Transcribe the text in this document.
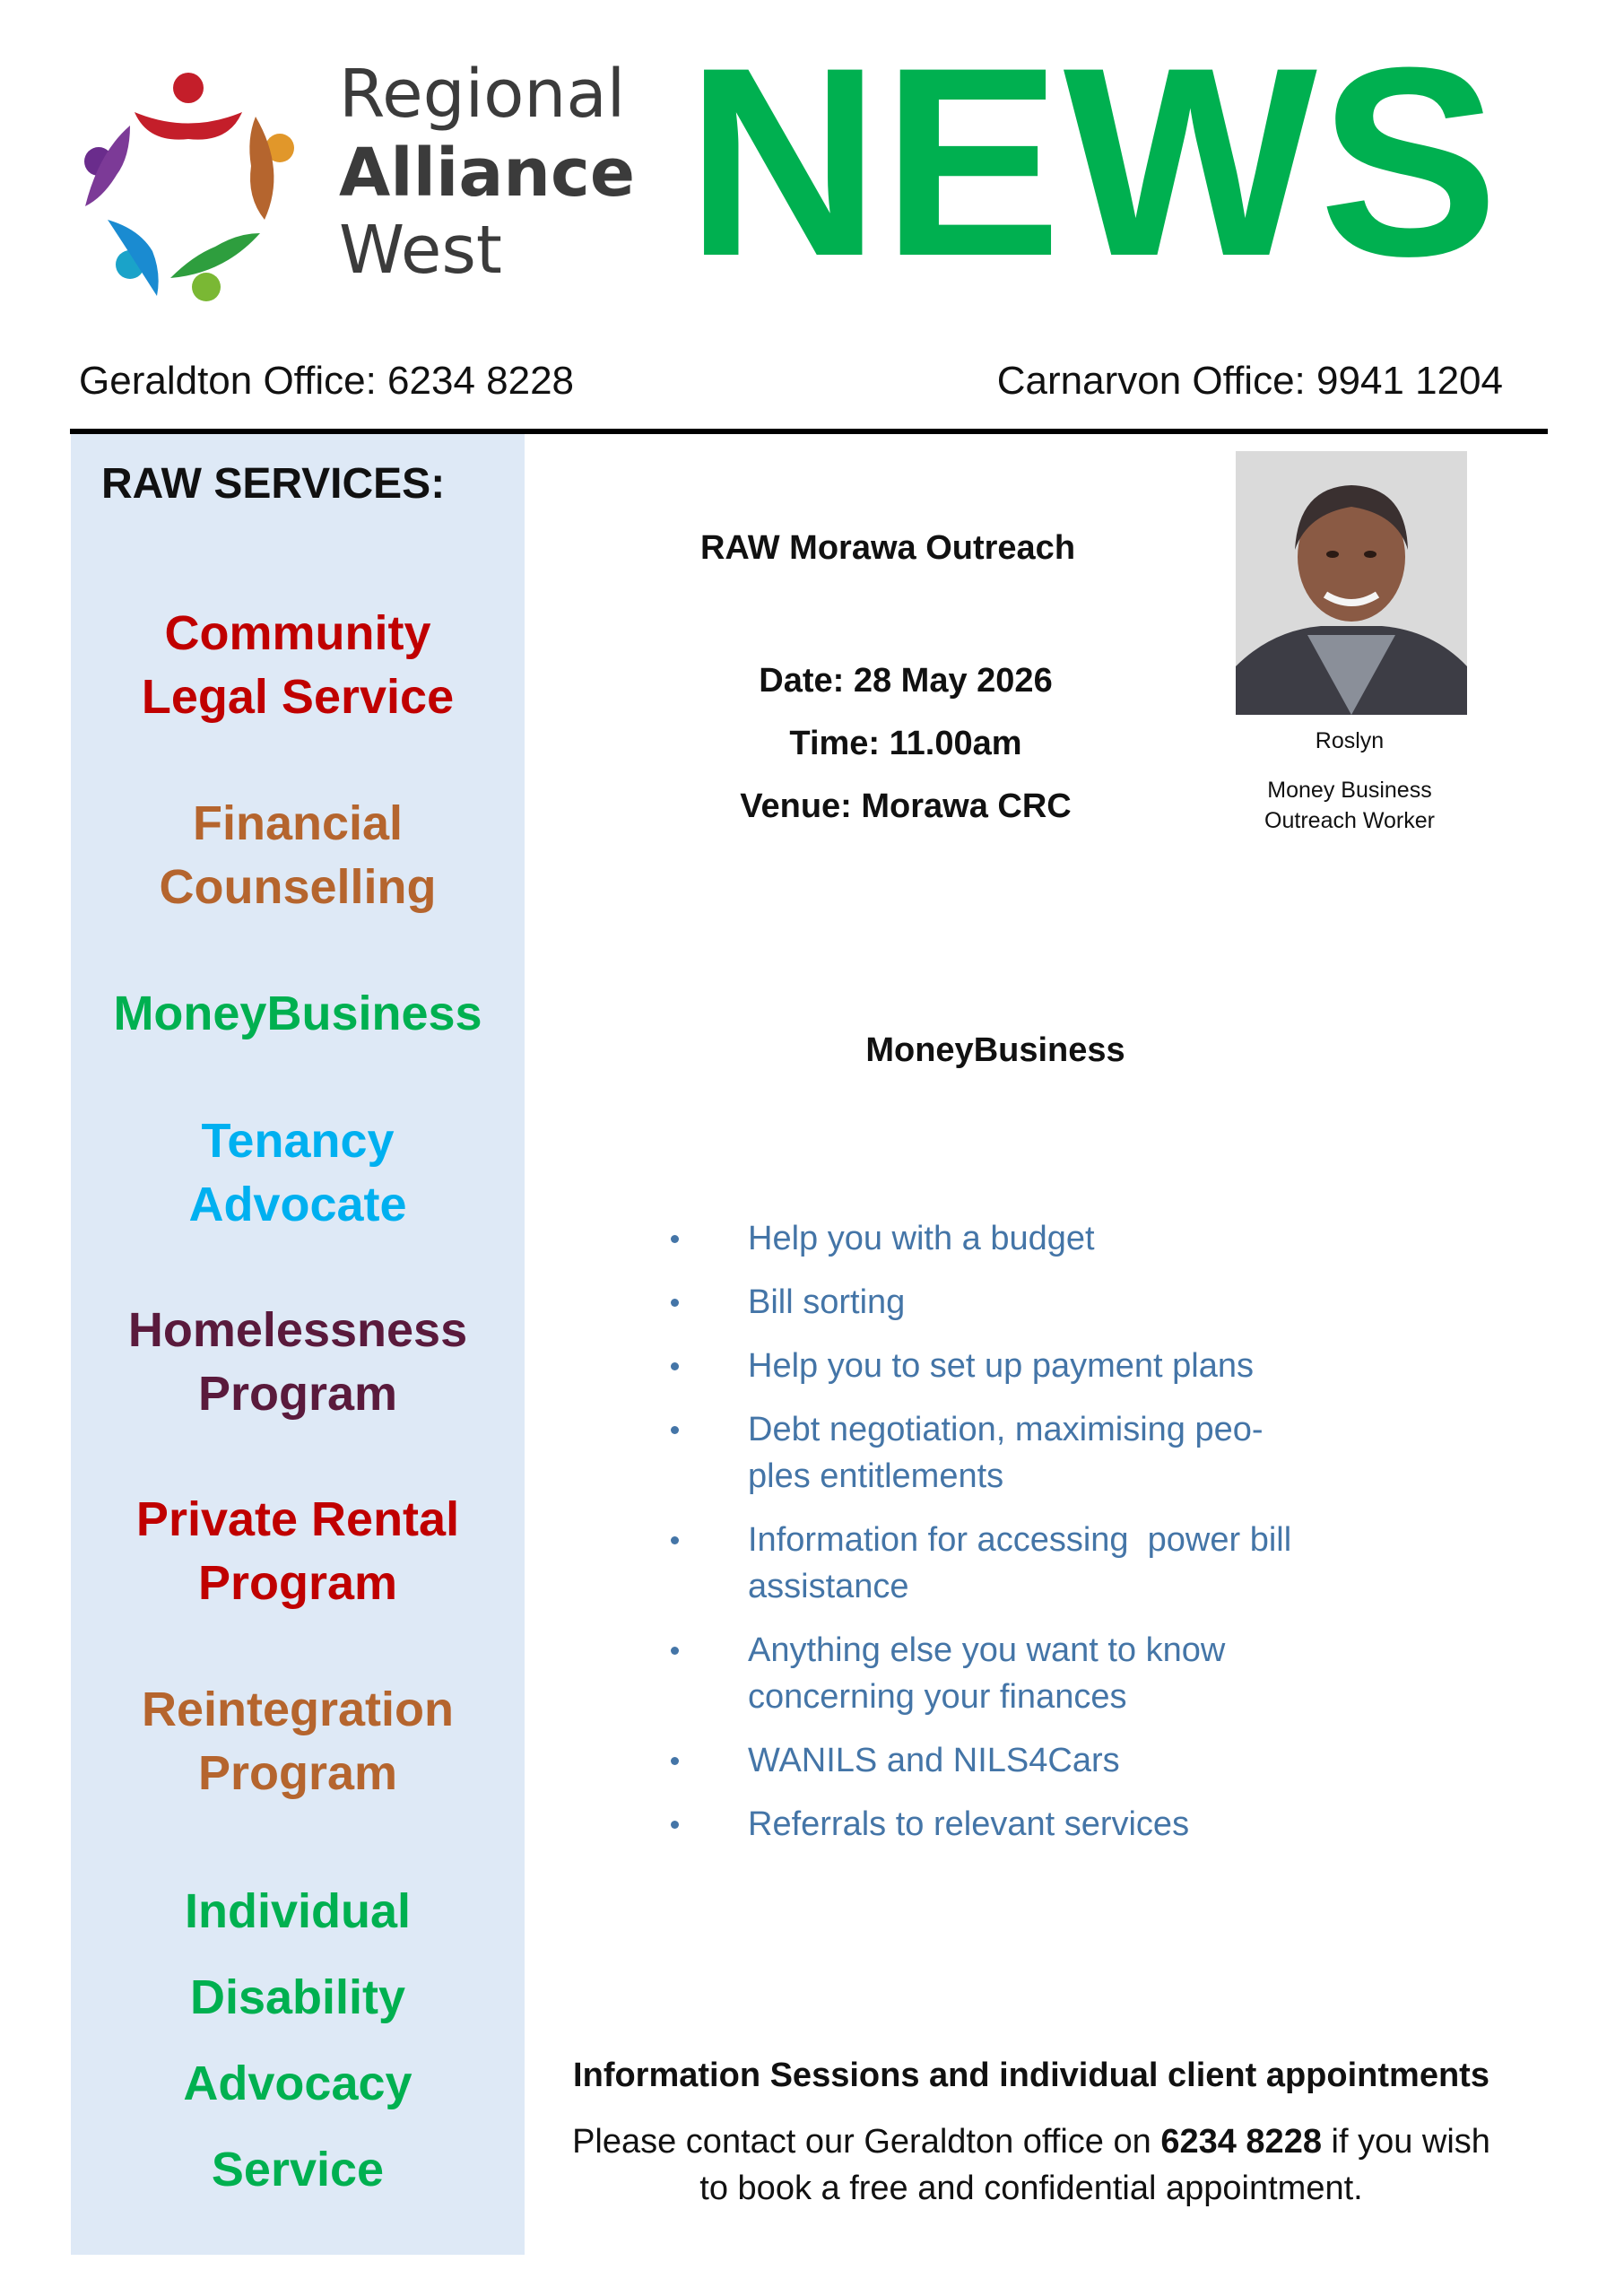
Regional
Alliance
West NEWS
Geraldton Office: 6234 8228	Carnarvon Office: 9941 1204
RAW SERVICES:
Community
Legal Service
Financial
Counselling
MoneyBusiness
Tenancy
Advocate
Homelessness
Program
Private Rental
Program
Reintegration
Program
Individual
Disability
Advocacy
Service
RAW Morawa Outreach
Date: 28 May 2026
Time: 11.00am
Venue: Morawa CRC
Roslyn
Money Business
Outreach Worker
MoneyBusiness
Help you with a budget
Bill sorting
Help you to set up payment plans
Debt negotiation, maximising peo-
ples entitlements
Information for accessing  power bill
assistance
Anything else you want to know
concerning your finances
WANILS and NILS4Cars
Referrals to relevant services
Information Sessions and individual client appointments
Please contact our Geraldton office on 6234 8228 if you wish
to book a free and confidential appointment.
